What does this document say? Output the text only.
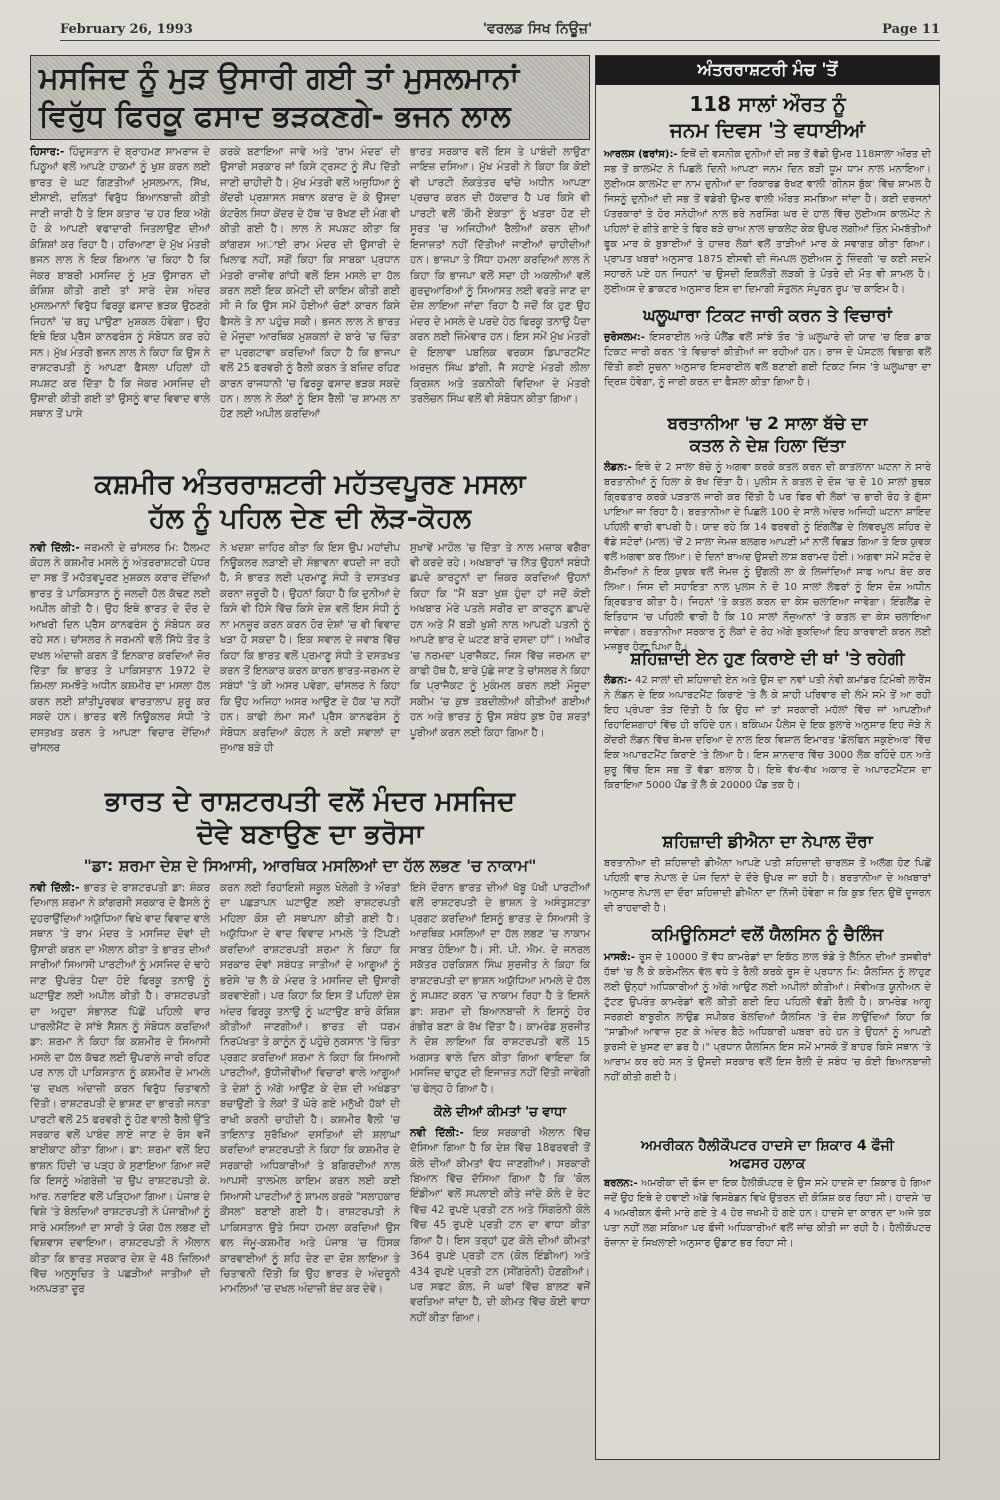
February 26, 1993	'ਵਰਲਡ ਸਿਖ ਨਿਊਜ਼'	Page 11
ਮਸਜਿਦ ਨੂੰ ਮੁੜ ਉਸਾਰੀ ਗਈ ਤਾਂ ਮੁਸਲਮਾਨਾਂ
ਵਿਰੁੱਧ ਫਿਰਕੂ ਫਸਾਦ ਭੜਕਣਗੇ- ਭਜਨ ਲਾਲ

ਹਿਸਾਰ:- ਹਿੰਦੁਸਤਾਨ ਦੇ ਬ੍ਰਾਹਮਣ ਸਾਮਰਾਜ ਦੇ ਪਿਠੂਆਂ ਵਲੋਂ ਆਪਣੇ ਹਾਕਮਾਂ ਨੂੰ ਖੁਸ਼ ਕਰਨ ਲਈ ਭਾਰਤ ਦੇ ਘਟ ਗਿਣਤੀਆਂ ਮੁਸਲਮਾਨ, ਸਿੱਖ, ਈਸਾਈ, ਦਲਿਤਾਂ ਵਿਰੁੱਧ ਬਿਆਨਬਾਜ਼ੀ ਕੀਤੀ ਜਾਣੀ ਜਾਰੀ ਹੈ ਤੇ ਇਸ ਕਤਾਰ 'ਚ ਹਰ ਇਕ ਅੱਗੇ ਹੋ ਕੇ ਆਪਣੀ ਵਫਾਦਾਰੀ ਜਿਤਲਾਉਣ ਦੀਆਂ ਕੋਸ਼ਿਸ਼ਾਂ ਕਰ ਰਿਹਾ ਹੈ। ਹਰਿਆਣਾ ਦੇ ਮੁੱਖ ਮੰਤਰੀ ਭਜਨ ਲਾਲ ਨੇ ਇਕ ਬਿਆਨ 'ਚ ਕਿਹਾ ਹੈ ਕਿ ਜੇਕਰ ਬਾਬਰੀ ਮਸਜਿਦ ਨੂੰ ਮੁੜ ਉਸਾਰਨ ਦੀ ਕੋਸ਼ਿਸ਼ ਕੀਤੀ ਗਈ ਤਾਂ ਸਾਰੇ ਦੇਸ਼ ਅੰਦਰ ਮੁਸਲਮਾਨਾਂ ਵਿਰੁੱਧ ਫਿਰਕੂ ਫਸਾਦ ਭੜਕ ਉਠਣਗੇ ਜਿਹਨਾਂ 'ਚ ਬਹੁ ਪਾਉਣਾ ਮੁਸ਼ਕਲ ਹੋਵੇਗਾ। ਉਹ ਇਥੇ ਇਕ ਪ੍ਰੈਸ ਕਾਨਫਰੰਸ ਨੂੰ ਸੰਬੋਧਨ ਕਰ ਰਹੇ ਸਨ। ਮੁੱਖ ਮੰਤਰੀ ਭਜਨ ਲਾਲ ਨੇ ਕਿਹਾ ਕਿ ਉਸ ਨੇ ਰਾਸ਼ਟਰਪਤੀ ਨੂੰ ਆਪਣਾ ਫੈਸਲਾ ਪਹਿਲਾਂ ਹੀ ਸਪਸ਼ਟ ਕਰ ਦਿੱਤਾ ਹੈ ਕਿ ਜੇਕਰ ਮਸਜਿਦ ਦੀ ਉਸਾਰੀ ਕੀਤੀ ਗਈ ਤਾਂ ਉਸਨੂੰ ਵਾਦ ਵਿਵਾਦ ਵਾਲੇ ਸਥਾਨ ਤੋਂ ਪਾਸੇ

ਕਰਕੇ ਬਣਾਇਆ ਜਾਵੇ ਅਤੇ 'ਰਾਮ ਮੰਦਰ' ਦੀ ਉਸਾਰੀ ਸਰਕਾਰ ਜਾਂ ਕਿਸੇ ਟ੍ਰਸਟ ਨੂੰ ਸੌਂਪ ਦਿੱਤੀ ਜਾਣੀ ਚਾਹੀਦੀ ਹੈ। ਮੁੱਖ ਮੰਤਰੀ ਵਲੋਂ ਅਜੁਧਿਆ ਨੂੰ ਕੇਂਦਰੀ ਪ੍ਰਸ਼ਾਸਨ ਸਥਾਨ ਕਰਾਰ ਦੇ ਕੇ ਉਸਦਾ ਕੰਟਰੋਲ ਸਿਧਾ ਕੇਂਦਰ ਦੇ ਹੱਥ 'ਚ ਰੱਖਣ ਦੀ ਮੰਗ ਵੀ ਕੀਤੀ ਗਈ ਹੈ। ਲਾਲ ਨੇ ਸਪਸ਼ਟ ਕੀਤਾ ਕਿ ਕਾਂਗਰਸ ਅਾਈ ਰਾਮ ਮੰਦਰ ਦੀ ਉਸਾਰੀ ਦੇ ਖਿਲਾਫ ਨਹੀਂ, ਸਗੋਂ ਕਿਹਾ ਕਿ ਸਾਬਕਾ ਪ੍ਰਧਾਨ ਮੰਤਰੀ ਰਾਜੀਵ ਗਾਂਧੀ ਵਲੋਂ ਇਸ ਮਸਲੇ ਦਾ ਹੱਲ ਕਰਨ ਲਈ ਇਕ ਕਮੇਟੀ ਦੀ ਕਾਇਮ ਕੀਤੀ ਗਈ ਸੀ ਜੋ ਕਿ ਉਸ ਸਮੇਂ ਹੋਈਆਂ ਚੋਣਾਂ ਕਾਰਨ ਕਿਸੇ ਫੈਸਲੇ ਤੇ ਨਾ ਪਹੁੰਚ ਸਕੀ। ਭਜਨ ਲਾਲ ਨੇ ਭਾਰਤ ਦੇ ਮੌਜੂਦਾ ਆਰਥਿਕ ਮੁਸ਼ਕਲਾਂ ਦੇ ਬਾਰੇ 'ਚ ਚਿੰਤਾ ਦਾ ਪ੍ਰਗਟਾਵਾ ਕਰਦਿਆਂ ਕਿਹਾ ਹੈ ਕਿ ਭਾਜਪਾ ਵਲੋਂ 25 ਫਰਵਰੀ ਨੂੰ ਰੈਲੀ ਕਰਨ ਤੇ ਬਜ਼ਿਦ ਰਹਿਣ ਕਾਰਨ ਰਾਜਧਾਨੀ 'ਚ ਫਿਰਕੂ ਫਸਾਦ ਭੜਕ ਸਕਦੇ ਹਨ। ਲਾਲ ਨੇ ਲੋਕਾਂ ਨੂੰ ਇਸ ਰੈਲੀ 'ਚ ਸ਼ਾਮਲ ਨਾ ਹੋਣ ਲਈ ਅਪੀਲ ਕਰਦਿਆਂ

ਭਾਰਤ ਸਰਕਾਰ ਵਲੋਂ ਇਸ ਤੇ ਪਾਬੰਦੀ ਲਾਉਣਾ ਜਾਇਜ਼ ਦਸਿਆ। ਮੁੱਖ ਮੰਤਰੀ ਨੇ ਕਿਹਾ ਕਿ ਕੋਈ ਵੀ ਪਾਰਟੀ ਲੋਕਤੰਤਰ ਢਾਂਚੇ ਅਧੀਨ ਆਪਣਾ ਪ੍ਰਚਾਰ ਕਰਨ ਦੀ ਹੱਕਦਾਰ ਹੈ ਪਰ ਕਿਸੇ ਵੀ ਪਾਰਟੀ ਵਲੋਂ 'ਕੌਮੀ ਏਕਤਾ' ਨੂੰ ਖਤਰਾ ਹੋਣ ਦੀ ਸੂਰਤ 'ਚ ਅਜਿਹੀਆਂ ਰੈਲੀਆਂ ਕਰਨ ਦੀਆਂ ਇਜਾਜ਼ਤਾਂ ਨਹੀਂ ਦਿੱਤੀਆਂ ਜਾਣੀਆਂ ਚਾਹੀਦੀਆਂ ਹਨ। ਭਾਜਪਾ ਤੇ ਸਿੱਧਾ ਹਮਲਾ ਕਰਦਿਆਂ ਲਾਲ ਨੇ ਕਿਹਾ ਕਿ ਭਾਜਪਾ ਵਲੋਂ ਸਦਾ ਹੀ ਅਕਲੀਆਂ ਵਲੋਂ ਗੁਰਦੁਆਰਿਆਂ ਨੂੰ ਸਿਆਸਤ ਲਈ ਵਰਤੇ ਜਾਣ ਦਾ ਦੋਸ਼ ਲਾਇਆ ਜਾਂਦਾ ਰਿਹਾ ਹੈ ਜਦੋਂ ਕਿ ਹੁਣ ਉਹ ਮੰਦਰ ਦੇ ਮਸਲੇ ਦੇ ਪਰਦੇ ਹੇਠ ਫਿਰਕੂ ਤਨਾਉ ਪੈਦਾ ਕਰਨ ਲਈ ਜ਼ਿੰਮੇਵਾਰ ਹਨ। ਇਸ ਸਮੇਂ ਮੁੱਖ ਮੰਤਰੀ ਦੇ ਇਲਾਵਾ ਪਬਲਿਕ ਵਰਕਸ ਡਿਪਾਰਟਮੈਂਟ ਅਰਜੁਨ ਸਿੰਘ ਡਾਂਗੀ, ਜੈ ਸਹਾਏ ਮੰਤਰੀ ਲੀਲਾ ਕ੍ਰਿਸ਼ਨ ਅਤੇ ਤਕਨੀਕੀ ਵਿਦਿਆ ਦੇ ਮੰਤਰੀ ਤਰਲੋਚਨ ਸਿੰਘ ਵਲੋਂ ਵੀ ਸੰਬੋਧਨ ਕੀਤਾ ਗਿਆ।

ਕਸ਼ਮੀਰ ਅੰਤਰਰਾਸ਼ਟਰੀ ਮਹੱਤਵਪੂਰਣ ਮਸਲਾ
ਹੱਲ ਨੂੰ ਪਹਿਲ ਦੇਣ ਦੀ ਲੋੜ-ਕੋਹਲ

ਨਵੀ ਦਿੱਲੀ:- ਜਰਮਨੀ ਦੇ ਚਾਂਸਲਰ ਮਿ: ਹੈਲਮਟ ਕੋਹਲ ਨੇ ਕਸ਼ਮੀਰ ਮਸਲੇ ਨੂੰ ਅੰਤਰਰਾਸ਼ਟਰੀ ਪੱਧਰ ਦਾ ਸਭ ਤੋਂ ਮਹੱਤਵਪੂਰਣ ਮੁਸ਼ਕਲ ਕਰਾਰ ਦੇਂਦਿਆਂ ਭਾਰਤ ਤੇ ਪਾਕਿਸਤਾਨ ਨੂੰ ਜਲਦੀ ਹੱਲ ਕੱਢਣ ਲਈ ਅਪੀਲ ਕੀਤੀ ਹੈ। ਉਹ ਇਥੇ ਭਾਰਤ ਦੇ ਦੌਰ ਦੇ ਆਖਰੀ ਦਿਨ ਪ੍ਰੈਸ ਕਾਨਫਰੰਸ ਨੂੰ ਸੰਬੋਧਨ ਕਰ ਰਹੇ ਸਨ। ਚਾਂਸਲਰ ਨੇ ਜਰਮਨੀ ਵਲੋਂ ਸਿੱਧੇ ਤੌਰ ਤੇ ਦਖਲ ਅੰਦਾਜ਼ੀ ਕਰਨ ਤੋਂ ਇਨਕਾਰ ਕਰਦਿਆਂ ਜ਼ੋਰ ਦਿੱਤਾ ਕਿ ਭਾਰਤ ਤੇ ਪਾਕਿਸਤਾਨ 1972 ਦੇ ਸ਼ਿਮਲਾ ਸਮਝੌਤੇ ਅਧੀਨ ਕਸ਼ਮੀਰ ਦਾ ਮਸਲਾ ਹੱਲ ਕਰਨ ਲਈ ਸ਼ਾਂਤੀਪੂਰਵਕ ਵਾਰਤਾਲਾਪ ਸ਼ੁਰੂ ਕਰ ਸਕਦੇ ਹਨ। ਭਾਰਤ ਵਲੋਂ ਨਿਊਕਲਰ ਸੰਧੀ 'ਤੇ ਦਸਤਖਤ ਕਰਨ ਤੇ ਆਪਣਾ ਵਿਚਾਰ ਦੇਂਦਿਆਂ ਚਾਂਸਲਰ

ਨੇ ਖਦਸ਼ਾ ਜ਼ਾਹਿਰ ਕੀਤਾ ਕਿ ਇਸ ਉਪ ਮਹਾਂਦੀਪ ਨਿਊਕਲਰ ਲੜਾਈ ਦੀ ਸੰਭਾਵਨਾ ਵਧਦੀ ਜਾ ਰਹੀ ਹੈ, ਸੋ ਭਾਰਤ ਲਈ ਪ੍ਰਮਾਣੂ ਸੰਧੀ ਤੇ ਦਸਤਖਤ ਕਰਨਾ ਜ਼ਰੂਰੀ ਹੈ। ਉਹਨਾਂ ਕਿਹਾ ਹੈ ਕਿ ਦੁਨੀਆਂ ਦੇ ਕਿਸੇ ਵੀ ਹਿੱਸੇ ਵਿੱਚ ਕਿਸੇ ਦੇਸ਼ ਵਲੋਂ ਇਸ ਸੰਧੀ ਨੂੰ ਨਾ ਮਨਜ਼ੂਰ ਕਰਨ ਕਰਨ ਹੋਰ ਦੇਸ਼ਾਂ 'ਚ ਵੀ ਵਿਵਾਦ ਖੜਾ ਹੋ ਸਕਦਾ ਹੈ। ਇਕ ਸਵਾਲ ਦੇ ਜਵਾਬ ਵਿੱਚ ਕਿਹਾ ਕਿ ਭਾਰਤ ਵਲੋਂ ਪ੍ਰਮਾਣੂ ਸੰਧੀ ਤੇ ਦਸਤਖਤ ਕਰਨ ਤੋਂ ਇਨਕਾਰ ਕਰਨ ਕਾਰਨ ਭਾਰਤ-ਜਰਮਨ ਦੇ ਸਬੰਧਾਂ 'ਤੇ ਕੀ ਅਸਰ ਪਵੇਗਾ, ਚਾਂਸਲਰ ਨੇ ਕਿਹਾ ਕਿ ਉਹ ਅਜਿਹਾ ਅਸਰ ਆਉਣ ਦੇ ਹੱਕ 'ਚ ਨਹੀਂ ਹਨ। ਕਾਫੀ ਲੰਮਾ ਸਮਾਂ ਪ੍ਰੈਸ ਕਾਨਫਰੰਸ ਨੂੰ ਸੰਬੋਧਨ ਕਰਦਿਆਂ ਕੋਹਲ ਨੇ ਕਈ ਸਵਾਲਾਂ ਦਾ ਜੁਆਬ ਬੜੇ ਹੀ

ਸੁਖਾਵੇਂ ਮਾਹੌਲ 'ਚ ਦਿੱਤਾ ਤੇ ਨਾਲ ਮਜ਼ਾਕ ਵਗੈਰਾ ਵੀ ਕਰਦੇ ਰਹੇ। ਅਖਬਾਰਾਂ 'ਚ ਨਿੱਤ ਉਹਨਾਂ ਸਬੰਧੀ ਛਪਦੇ ਕਾਰਟੂਨਾਂ ਦਾ ਜ਼ਿਕਰ ਕਰਦਿਆਂ ਉਹਨਾਂ ਕਿਹਾ ਕਿ "ਮੈਂ ਬੜਾ ਖੁਸ਼ ਹੁੰਦਾ ਹਾਂ ਜਦੋਂ ਕੋਈ ਅਖਬਾਰ ਮੇਰੇ ਪਤਲੇ ਸਰੀਰ ਦਾ ਕਾਰਟੂਨ ਛਾਪਦੇ ਹਨ ਅਤੇ ਮੈਂ ਬੜੀ ਖੁਸ਼ੀ ਨਾਲ ਆਪਣੀ ਪਤਨੀ ਨੂੰ ਆਪਣੇ ਭਾਰ ਦੇ ਘਟਣ ਬਾਰੇ ਦਸਦਾ ਹਾਂ"। ਅਖੀਰ 'ਚ ਨਰਮਦਾ ਪ੍ਰਾਜੈਕਟ, ਜਿਸ ਵਿੱਚ ਜਰਮਨ ਦਾ ਕਾਫੀ ਹੱਥ ਹੈ, ਬਾਰੇ ਪੁੱਛੇ ਜਾਣ ਤੇ ਚਾਂਸਲਰ ਨੇ ਕਿਹਾ ਕਿ ਪ੍ਰਾਜੈਕਟ ਨੂੰ ਮੁਕੰਮਲ ਕਰਨ ਲਈ ਮੌਜੂਦਾ ਸਕੀਮ 'ਚ ਕੁਝ ਤਬਦੀਲੀਆਂ ਕੀਤੀਆਂ ਗਈਆਂ ਹਨ ਅਤੇ ਭਾਰਤ ਨੂੰ ਉਸ ਸਬੰਧ ਕੁਝ ਹੋਰ ਸ਼ਰਤਾਂ ਪੂਰੀਆਂ ਕਰਨ ਲਈ ਕਿਹਾ ਗਿਆ ਹੈ।

ਭਾਰਤ ਦੇ ਰਾਸ਼ਟਰਪਤੀ ਵਲੋਂ ਮੰਦਰ ਮਸਜਿਦ
ਦੋਵੇ ਬਣਾਉਣ ਦਾ ਭਰੋਸਾ
"ਡਾ: ਸ਼ਰਮਾ ਦੇਸ਼ ਦੇ ਸਿਆਸੀ, ਆਰਥਿਕ ਮਸਲਿਆਂ ਦਾ ਹੱਲ ਲਭਣ 'ਚ ਨਾਕਾਮ"

ਨਵੀ ਦਿੱਲੀ:- ਭਾਰਤ ਦੇ ਰਾਸ਼ਟਰਪਤੀ ਡਾ: ਸ਼ੰਕਰ ਦਿਆਲ ਸ਼ਰਮਾ ਨੇ ਕਾਂਗਰਸੀ ਸਰਕਾਰ ਦੇ ਫੈਸਲੇ ਨੂੰ ਦੁਹਰਾਉਂਦਿਆਂ ਅਯੁੱਧਿਆ ਵਿਖੇ ਵਾਦ ਵਿਵਾਦ ਵਾਲੇ ਸਥਾਨ 'ਤੇ ਰਾਮ ਮੰਦਰ ਤੇ ਮਸਜਿਦ ਦੋਵਾਂ ਦੀ ਉਸਾਰੀ ਕਰਨ ਦਾ ਐਲਾਨ ਕੀਤਾ ਤੇ ਭਾਰਤ ਦੀਆਂ ਸਾਰੀਆਂ ਸਿਆਸੀ ਪਾਰਟੀਆਂ ਨੂੰ ਮਸਜਿਦ ਦੇ ਢਾਹੇ ਜਾਣ ਉਪਰੰਤ ਪੈਦਾ ਹੋਏ ਫਿਰਕੂ ਤਨਾਉ ਨੂੰ ਘਟਾਉਣ ਲਈ ਅਪੀਲ ਕੀਤੀ ਹੈ। ਰਾਸ਼ਟਰਪਤੀ ਦਾ ਅਹੁਦਾ ਸੰਭਾਲਣ ਪਿੱਛੋਂ ਪਹਿਲੀ ਵਾਰ ਪਾਰਲੀਮੈਂਟ ਦੇ ਸਾਂਝੇ ਸੈਸ਼ਨ ਨੂੰ ਸੰਬੋਧਨ ਕਰਦਿਆਂ ਡਾ: ਸ਼ਰਮਾ ਨੇ ਕਿਹਾ ਕਿ ਕਸ਼ਮੀਰ ਦੇ ਸਿਆਸੀ ਮਸਲੇ ਦਾ ਹੱਲ ਕੱਢਣ ਲਈ ਉਪਰਾਲੇ ਜਾਰੀ ਰਹਿਣ ਪਰ ਨਾਲ ਹੀ ਪਾਕਿਸਤਾਨ ਨੂੰ ਕਸ਼ਮੀਰ ਦੇ ਮਾਮਲੇ 'ਚ ਦਖਲ ਅੰਦਾਜ਼ੀ ਕਰਨ ਵਿਰੁੱਧ ਚਿਤਾਵਨੀ ਦਿੱਤੀ। ਰਾਸ਼ਟਰਪਤੀ ਦੇ ਭਾਸ਼ਣ ਦਾ ਭਾਰਤੀ ਜਨਤਾ ਪਾਰਟੀ ਵਲੋਂ 25 ਫਰਵਰੀ ਨੂੰ ਹੋਣ ਵਾਲੀ ਰੈਲੀ ਉੱਤੇ ਸਰਕਾਰ ਵਲੋਂ ਪਾਬੰਦ ਲਾਏ ਜਾਣ ਦੇ ਰੋਸ ਵਜੋਂ ਬਾਈਕਾਟ ਕੀਤਾ ਗਿਆ। ਡਾ: ਸ਼ਰਮਾ ਵਲੋਂ ਇਹ ਭਾਸ਼ਨ ਹਿੰਦੀ 'ਚ ਪੜ੍ਹ ਕੇ ਸੁਣਾਇਆ ਗਿਆ ਜਦੋਂ ਕਿ ਇਸਨੂੰ ਅੰਗਰੇਜ਼ੀ 'ਚ ਉਪ ਰਾਸ਼ਟਰਪਤੀ ਕੇ. ਆਰ. ਨਰਾਇਣ ਵਲੋਂ ਪੜ੍ਹਿਆ ਗਿਆ। ਪੰਜਾਬ ਦੇ ਵਿਸ਼ੇ 'ਤੇ ਬੋਲਦਿਆਂ ਰਾਸ਼ਟਰਪਤੀ ਨੇ ਪੰਜਾਬੀਆਂ ਨੂੰ ਸਾਰੇ ਮਸਲਿਆਂ ਦਾ ਸਾਰੀ ਤੇ ਯੋਗ ਹੱਲ ਲਭਣ ਦੀ ਵਿਸ਼ਵਾਸ ਦਵਾਇਆ। ਰਾਸ਼ਟਰਪਤੀ ਨੇ ਐਲਾਨ ਕੀਤਾ ਕਿ ਭਾਰਤ ਸਰਕਾਰ ਦੇਸ਼ ਦੇ 48 ਜ਼ਿਲਿਆਂ ਵਿੱਚ ਅਨੁਸੂਚਿਤ ਤੇ ਪਛੜੀਆਂ ਜਾਤੀਆਂ ਦੀ ਅਨਪੜਤਾ ਦੂਰ

ਕਰਨ ਲਈ ਰਿਹਾਇਸ਼ੀ ਸਕੂਲ ਖੋਲੇਗੀ ਤੇ ਔਰਤਾਂ ਦਾ ਪਛੜਾਪਨ ਘਟਾਉਣ ਲਈ ਰਾਸ਼ਟਰਪਤੀ ਮਹਿਲਾ ਕੋਸ਼ ਦੀ ਸਥਾਪਨਾ ਕੀਤੀ ਗਈ ਹੈ। ਅਯੁੱਧਿਆ ਦੇ ਵਾਦ ਵਿਵਾਦ ਮਾਮਲੇ 'ਤੇ ਟਿੱਪਣੀ ਕਰਦਿਆਂ ਰਾਸ਼ਟਰਪਤੀ ਸ਼ਰਮਾ ਨੇ ਕਿਹਾ ਕਿ ਸਰਕਾਰ ਦੋਵਾਂ ਸਬੰਧਤ ਜਾਤੀਆਂ ਦੇ ਆਗੂਆਂ ਨੂੰ ਭਰੋਸੇ 'ਚ ਲੈ ਕੇ ਮੰਦਰ ਤੇ ਮਸਜਿਦ ਦੀ ਉਸਾਰੀ ਕਰਵਾਏਗੀ। ਪਰ ਕਿਹਾ ਕਿ ਇਸ ਤੋਂ ਪਹਿਲਾਂ ਦੇਸ਼ ਅੰਦਰ ਫਿਰਕੂ ਤਨਾਉ ਨੂੰ ਘਟਾਉਣ ਬਾਰੇ ਕੋਸ਼ਿਸ਼ ਕੀਤੀਆਂ ਜਾਣਗੀਆਂ। ਭਾਰਤ ਦੀ ਧਰਮ ਨਿਰਪੱਖਤਾ ਤੇ ਕਾਨੂੰਨ ਨੂੰ ਪਹੁੰਚੇ ਨੁਕਸਾਨ 'ਤੇ ਚਿੰਤਾ ਪ੍ਰਗਟ ਕਰਦਿਆਂ ਸ਼ਰਮਾ ਨੇ ਕਿਹਾ ਕਿ ਸਿਆਸੀ ਪਾਰਟੀਆਂ, ਬੁੱਧੀਜੀਵੀਆਂ ਵਿਚਾਰਾਂ ਵਾਲੇ ਆਗੂਆਂ ਤੇ ਦੇਸ਼ਾਂ ਨੂੰ ਅੱਗੇ ਆਉਣ ਕੇ ਦੇਸ਼ ਦੀ ਅਖੰਡਤਾ ਬਚਾਉਣੀ ਤੇ ਲੋਕਾਂ ਤੋਂ ਘੋਰੇ ਗਏ ਮਨੁੱਖੀ ਹੱਕਾਂ ਦੀ ਰਾਖੀ ਕਰਨੀ ਚਾਹੀਦੀ ਹੈ। ਕਸ਼ਮੀਰ ਵੈਲੀ 'ਚ ਤਾਇਨਾਤ ਸੁਰੱਖਿਆ ਦਸਤਿਆਂ ਦੀ ਸ਼ਲਾਘਾ ਕਰਦਿਆਂ ਰਾਸ਼ਟਰਪਤੀ ਨੇ ਕਿਹਾ ਕਿ ਕਸ਼ਮੀਰ ਦੇ ਸਰਕਾਰੀ ਅਧਿਕਾਰੀਆਂ ਤੇ ਬਗਿਰਦੀਆਂ ਨਾਲ ਆਪਸੀ ਤਾਲਮੇਲ ਕਾਇਮ ਕਰਨ ਲਈ ਕਈ ਸਿਆਸੀ ਪਾਰਟੀਆਂ ਨੂੰ ਸ਼ਾਮਲ ਕਰਕੇ "ਸਲਾਹਕਾਰ ਕੌਂਸਲ" ਬਣਾਈ ਗਈ ਹੈ। ਰਾਸ਼ਟਰਪਤੀ ਨੇ ਪਾਕਿਸਤਾਨ ਉਤੇ ਸਿਧਾ ਹਮਲਾ ਕਰਦਿਆਂ ਉਸ ਵਲ ਜੰਮੂ-ਕਸ਼ਮੀਰ ਅਤੇ ਪੰਜਾਬ 'ਚ ਹਿੰਸਕ ਕਾਰਵਾਈਆਂ ਨੂੰ ਸ਼ਹਿ ਦੇਣ ਦਾ ਦੋਸ਼ ਲਾਇਆ ਤੇ ਚਿਤਾਵਨੀ ਦਿੱਤੀ ਕਿ ਉਹ ਭਾਰਤ ਦੇ ਅੰਦਰੂਨੀ ਮਾਮਲਿਆਂ 'ਚ ਦਖਲ ਅੰਦਾਜ਼ੀ ਬੰਦ ਕਰ ਦੇਵੇ।

ਇਸੇ ਦੌਰਾਨ ਭਾਰਤ ਦੀਆਂ ਖੱਬੂ ਪੱਖੀ ਪਾਰਟੀਆਂ ਵਲੋਂ ਰਾਸ਼ਟਰਪਤੀ ਦੇ ਭਾਸ਼ਨ ਤੇ ਅਸੰਤੁਸ਼ਟਤਾ ਪ੍ਰਗਟ ਕਰਦਿਆਂ ਇਸਨੂੰ ਭਾਰਤ ਦੇ ਸਿਆਸੀ ਤੇ ਆਰਥਿਕ ਮਸਲਿਆਂ ਦਾ ਹੱਲ ਲਭਣ 'ਚ ਨਾਕਾਮ ਸਾਬਤ ਹੋਇਆ ਹੈ। ਸੀ. ਪੀ. ਐਮ. ਦੇ ਜਨਰਲ ਸਕੱਤਰ ਹਰਕਿਸ਼ਨ ਸਿੰਘ ਸੁਰਜੀਤ ਨੇ ਕਿਹਾ ਕਿ ਰਾਸ਼ਟਰਪਤੀ ਦਾ ਭਾਸ਼ਨ ਅਯੁੱਧਿਆ ਮਾਮਲੇ ਦੇ ਹੱਲ ਨੂੰ ਸਪਸ਼ਟ ਕਰਨ 'ਚ ਨਾਕਾਮ ਰਿਹਾ ਹੈ ਤੇ ਇਸਨੇ ਡਾ: ਸ਼ਰਮਾ ਦੀ ਬਿਆਨਬਾਜ਼ੀ ਨੇ ਇਸਨੂੰ ਹੋਰ ਗੰਭੀਰ ਬਣਾ ਕੇ ਰੱਖ ਦਿੱਤਾ ਹੈ। ਕਾਮਰੇਡ ਸੁਰਜੀਤ ਨੇ ਦੋਸ਼ ਲਾਇਆ ਕਿ ਰਾਸ਼ਟਰਪਤੀ ਵਲੋਂ 15 ਅਗਸਤ ਵਾਲੇ ਦਿਨ ਕੀਤਾ ਗਿਆ ਵਾਇਦਾ ਕਿ ਮਸਜਿਦ ਢਾਹੁਣ ਦੀ ਇਜਾਜ਼ਤ ਨਹੀਂ ਦਿੱਤੀ ਜਾਵੇਗੀ 'ਚ ਫੇਲ੍ਹ ਹੋ ਗਿਆ ਹੈ।

ਕੋਲੇ ਦੀਆਂ ਕੀਮਤਾਂ 'ਚ ਵਾਧਾ

ਨਵੀ ਦਿੱਲੀ:- ਇਕ ਸਰਕਾਰੀ ਐਲਾਨ ਵਿੱਚ ਦੱਸਿਆ ਗਿਆ ਹੈ ਕਿ ਦੇਸ਼ ਵਿੱਚ 18ਫਰਵਰੀ ਤੋਂ ਕੋਲੇ ਦੀਆਂ ਕੀਮਤਾਂ ਵੱਧ ਜਾਣਗੀਆਂ। ਸਰਕਾਰੀ ਬਿਆਨ ਵਿੱਚ ਦੱਸਿਆ ਗਿਆ ਹੈ ਕਿ 'ਕੋਲ ਇੰਡੀਆ' ਵਲੋਂ ਸਪਲਾਈ ਕੀਤੇ ਜਾਂਦੇ ਕੋਲੇ ਦੇ ਰੇਟ ਵਿੱਚ 42 ਰੁਪਏ ਪ੍ਰਤੀ ਟਨ ਅਤੇ ਸਿੰਗਰੇਨੀ ਕੋਲੇ ਵਿੱਚ 45 ਰੁਪਏ ਪ੍ਰਤੀ ਟਨ ਦਾ ਵਾਧਾ ਕੀਤਾ ਗਿਆ ਹੈ। ਇਸ ਤਰ੍ਹਾਂ ਹੁਣ ਕੋਲੇ ਦੀਆਂ ਕੀਮਤਾਂ 364 ਰੁਪਏ ਪ੍ਰਤੀ ਟਨ (ਕੋਲ ਇੰਡੀਆ) ਅਤੇ 434 ਰੁਪਏ ਪ੍ਰਤੀ ਟਨ (ਸੀਂਗਰੇਨੀ) ਹੋਣਗੀਆਂ। ਪਰ ਸਫਟ ਕੋਲ, ਜੋ ਘਰਾਂ ਵਿੱਚ ਬਾਲਣ ਵਜੋਂ ਵਰਤਿਆ ਜਾਂਦਾ ਹੈ, ਦੀ ਕੀਮਤ ਵਿੱਚ ਕੋਈ ਵਾਧਾ ਨਹੀਂ ਕੀਤਾ ਗਿਆ।

ਅੰਤਰਰਾਸ਼ਟਰੀ ਮੰਚ 'ਤੋਂ
118 ਸਾਲਾਂ ਔਰਤ ਨੂੰ
ਜਨਮ ਦਿਵਸ 'ਤੇ ਵਧਾਈਆਂ
ਆਰਲਸ (ਫਰਾਂਸ):- ਇਥੋਂ ਦੀ ਵਸਨੀਕ ਦੁਨੀਆਂ ਦੀ ਸਭ ਤੋਂ ਵੱਡੀ ਉਮਰ 118ਸਾਲਾ ਔਰਤ ਦੀ ਸਭ ਤੋਂ ਕਾਲਮੇਂਟ ਨੇ ਪਿਛਲੇ ਦਿਨੀ ਆਪਣਾ ਜਨਮ ਦਿਨ ਬੜੀ ਧੂਮ ਧਾਮ ਨਾਲ ਮਨਾਇਆ। ਲੁਈਅਸ ਕਾਲਮੇਂਟ ਦਾ ਨਾਮ ਦੁਨੀਆਂ ਦਾ ਰਿਕਾਰਡ ਰੱਖਣ ਵਾਲੀ 'ਗੀਨਸ ਬੁੱਕ' ਵਿੱਚ ਸ਼ਾਮਲ ਹੈ ਜਿਸਨੂੰ ਦੁਨੀਆਂ ਦੀ ਸਭ ਤੋਂ ਵਡੇਰੀ ਉਮਰ ਵਾਲੀ ਔਰਤ ਸਮਝਿਆ ਜਾਂਦਾ ਹੈ। ਕਈ ਦਰਜਨਾਂ ਪੱਤਰਕਾਰਾਂ ਤੇ ਹੋਰ ਸਨੇਹੀਆਂ ਨਾਲ ਭਰੇ ਨਰਸਿੰਗ ਘਰ ਦੇ ਹਾਲ ਵਿੱਚ ਲੁਈਅਸ ਕਾਲਮੇਂਟ ਨੇ ਪਹਿਲਾਂ ਦੇ ਗੀਤੇ ਗਾਏ ਤੇ ਫਿਰ ਬੜੇ ਚਾਅ ਨਾਲ ਚਾਕਲੇਟ ਕੇਕ ਉਪਰ ਲਗੀਆਂ ਤਿੰਨ ਮੋਮਬੱਤੀਆਂ ਫੂਕ ਮਾਰ ਕੇ ਬੁਝਾਈਆਂ ਤੇ ਹਾਜ਼ਰ ਲੋਕਾਂ ਵਲੋਂ ਤਾੜੀਆਂ ਮਾਰ ਕੇ ਸਵਾਗਤ ਕੀਤਾ ਗਿਆ। ਪ੍ਰਾਪਤ ਖਬਰਾਂ ਅਨੁਸਾਰ 1875 ਈਸਵੀ ਦੀ ਜੰਮਪਲ ਲੁਈਅਸ ਨੂੰ ਜ਼ਿੰਦਗੀ 'ਚ ਕਈ ਸਦਮੇ ਸਹਾਰਨੇ ਪਏ ਹਨ ਜਿਹਨਾਂ 'ਚ ਉਸਦੀ ਇਕਲੌਤੀ ਲੜਕੀ ਤੇ ਪੋਤਰੇ ਦੀ ਮੌਤ ਵੀ ਸ਼ਾਮਲ ਹੈ। ਲੁਈਅਸ ਦੇ ਡਾਕਟਰ ਅਨੁਸਾਰ ਇਸ ਦਾ ਦਿਮਾਗੀ ਸੰਤੁਲਨ ਸੰਪੂਰਨ ਰੂਪ 'ਚ ਕਾਇਮ ਹੈ।
ਘਲੂਘਾਰਾ ਟਿਕਟ ਜਾਰੀ ਕਰਨ ਤੇ ਵਿਚਾਰਾਂ
ਜ਼ੁਰੋਸਲਮ:- ਇਸਰਾਈਲ ਅਤੇ ਪੋਲੈਂਡ ਵਲੋਂ ਸਾਂਝੇ ਤੌਰ 'ਤੇ ਘਲੂਘਾਰੇ ਦੀ ਯਾਦ 'ਚ ਇਕ ਡਾਕ ਟਿਕਟ ਜਾਰੀ ਕਰਨ 'ਤੇ ਵਿਚਾਰਾਂ ਕੀਤੀਆਂ ਜਾ ਰਹੀਆਂ ਹਨ। ਰਾਜ ਦੇ ਪੋਸਟਲ ਵਿਭਾਗ ਵਲੋਂ ਦਿੱਤੀ ਗਈ ਸੂਚਨਾ ਅਨੁਸਾਰ ਇਸਰਾਈਲ ਵਲੋਂ ਬਣਾਈ ਗਈ ਟਿਕਟ ਜਿਸ 'ਤੇ ਘਲੂਘਾਰਾ ਦਾ ਦ੍ਰਿਸ਼ ਹੋਵੇਗਾ, ਨੂੰ ਜਾਰੀ ਕਰਨ ਦਾ ਫੈਸਲਾ ਕੀਤਾ ਗਿਆ ਹੈ।
ਬਰਤਾਨੀਆ 'ਚ 2 ਸਾਲਾ ਬੱਚੇ ਦਾ
ਕਤਲ ਨੇ ਦੇਸ਼ ਹਿਲਾ ਦਿੱਤਾ
ਲੰਡਨ:- ਇਥੇ ਦੇ 2 ਸਾਲਾ ਬੱਚੇ ਨੂੰ ਅਗਵਾ ਕਰਕੇ ਕਤਲ ਕਰਨ ਦੀ ਕਾਤਲਾਨਾ ਘਟਨਾ ਨੇ ਸਾਰੇ ਬਰਤਾਨੀਆਂ ਨੂੰ ਹਿਲਾ ਕੇ ਰੱਖ ਦਿੱਤਾ ਹੈ। ਪੁਲੀਸ ਨੇ ਕਤਲ ਦੇ ਦੋਸ਼ 'ਚ ਦੋ 10 ਸਾਲਾਂ ਬੁਢਕ ਗ੍ਰਿਫਤਾਰ ਕਰਕੇ ਪੜਤਾਲ ਜਾਰੀ ਕਰ ਦਿੱਤੀ ਹੈ ਪਰ ਫਿਰ ਵੀ ਲੋਕਾਂ 'ਚ ਭਾਰੀ ਰੋਹ ਤੇ ਗੁੱਸਾ ਪਾਇਆ ਜਾ ਰਿਹਾ ਹੈ। ਬਰਤਾਨੀਆ ਦੇ ਪਿਛਲੇ 100 ਦੇ ਸਾਲੇ ਅੰਦਰ ਅਜਿਹੀ ਘਟਨਾ ਸ਼ਾਇਦ ਪਹਿਲੀ ਵਾਰੀ ਵਾਪਰੀ ਹੈ। ਯਾਦ ਰਹੇ ਕਿ 14 ਫਰਵਰੀ ਨੂੰ ਇੰਗਲੈਂਡ ਦੇ ਲਿਵਰਪੂਲ ਸ਼ਹਿਰ ਦੇ ਵੱਡੇ ਸਟੋਰਾਂ (ਮਾਲ) 'ਚੋਂ 2 ਸਾਲਾ ਜੇਮਜ਼ ਬਲਗਰ ਆਪਣੀ ਮਾਂ ਨਾਲੋਂ ਵਿਛੜ ਗਿਆ ਤੇ ਇਕ ਯੁਵਕ ਵਲੋਂ ਅਗਵਾ ਕਰ ਲਿਆ। ਦੋ ਦਿਨਾਂ ਬਾਅਦ ਉਸਦੀ ਲਾਸ਼ ਬਰਾਮਦ ਹੋਈ। ਅਗਵਾ ਸਮੇਂ ਸਟੋਰ ਦੇ ਕੈਮਰਿਆਂ ਨੇ ਇਕ ਯੁਵਕ ਵਲੋਂ ਜੇਮਜ਼ ਨੂੰ ਉਂਗਲੀ ਲਾ ਕੇ ਲਿਜਾਂਦਿਆਂ ਸਾਫ ਆਪ ਬੰਦ ਕਰ ਲਿਆ। ਜਿਸ ਦੀ ਸਹਾਇਤਾ ਨਾਲ ਪੁਲਸ ਨੇ ਦੋ 10 ਸਾਲਾਂ ਲੋਫਰਾਂ ਨੂੰ ਇਸ ਦੋਸ਼ ਅਧੀਨ ਗ੍ਰਿਫਤਾਰ ਕੀਤਾ ਹੈ। ਜਿਹਨਾਂ 'ਤੇ ਕਤਲ ਕਰਨ ਦਾ ਕੇਸ ਚਲਾਇਆ ਜਾਵੇਗਾ। ਇੰਗਲੈਂਡ ਦੇ ਇਤਿਹਾਸ 'ਚ ਪਹਿਲੀ ਵਾਰੀ ਹੈ ਕਿ 10 ਸਾਲਾਂ ਨੌਜੁਆਨਾਂ 'ਤੇ ਕਤਲ ਦਾ ਕੇਸ ਚਲਾਇਆ ਜਾਵੇਗਾ। ਬਰਤਾਨੀਆ ਸਰਕਾਰ ਨੂੰ ਲੋਕਾਂ ਦੇ ਰੋਹ ਅੱਗੇ ਝੁਕਦਿਆਂ ਇਹ ਕਾਰਵਾਈ ਕਰਨ ਲਈ ਮਜ਼ਬੂਰ ਹੋਣਾ ਪਿਆ ਹੈ।
ਸ਼ਹਿਜ਼ਾਦੀ ਏਨ ਹੁਣ ਕਿਰਾਏ ਦੀ ਥਾਂ 'ਤੇ ਰਹੇਗੀ
ਲੰਡਨ:- 42 ਸਾਲਾਂ ਦੀ ਸ਼ਹਿਜ਼ਾਦੀ ਏਨ ਅਤੇ ਉਸ ਦਾ ਨਵਾਂ ਪਤੀ ਨੇਵੀ ਕਮਾਂਡਰ ਟਿਮੋਥੀ ਲਾਰੈਂਸ ਨੇ ਲੰਡਨ ਦੇ ਇਕ ਅਪਾਰਟਮੈਂਟ ਕਿਰਾਏ 'ਤੇ ਲੈ ਕੇ ਸ਼ਾਹੀ ਪਰਿਵਾਰ ਦੀ ਲੰਮੇ ਸਮੇ ਤੋਂ ਆ ਰਹੀ ਇਹ ਪ੍ਰੰਪਰਾ ਤੋੜ ਦਿੱਤੀ ਹੈ ਕਿ ਉਹ ਜਾਂ ਤਾਂ ਸਰਕਾਰੀ ਮਹੱਲਾਂ ਵਿੱਚ ਜਾਂ ਆਪਣੀਆਂ ਰਿਹਾਇਸ਼ਗਾਹਾਂ ਵਿੱਚ ਹੀ ਰਹਿੰਦੇ ਹਨ। ਬਕਿੰਘਮ ਪੈਲੇਸ ਦੇ ਇਕ ਬੁਲਾਰੇ ਅਨੁਸਾਰ ਇਹ ਜੋੜੇ ਨੇ ਕੇਂਦਰੀ ਲੰਡਨ ਵਿੱਚ ਥੇਮਜ਼ ਦਰਿਆ ਦੇ ਨਾਲ ਇਕ ਵਿਸ਼ਾਲ ਇਮਾਰਤ 'ਡੋਲਫਿਨ ਸਕੁਏਅਰ' ਵਿੱਚ ਇਕ ਅਪਾਰਟਮੈਂਟ ਕਿਰਾਏ 'ਤੇ ਲਿਆ ਹੈ। ਇਸ ਸ਼ਾਨਦਾਰ ਵਿੱਚ 3000 ਲੋਕ ਰਹਿੰਦੇ ਹਨ ਅਤੇ ਸ਼ੁਰੂ ਵਿੱਚ ਇਸ ਸਭ ਤੋਂ ਵੱਡਾ ਬਲਾਕ ਹੈ। ਇਥੇ ਵੱਖ-ਵੱਖ ਅਕਾਰ ਦੇ ਅਪਾਰਟਮੈਂਟਸ ਦਾ ਕਿਰਾਇਆ 5000 ਪੌਂਡ ਤੋਂ ਲੈ ਕੇ 20000 ਪੌਂਡ ਤਕ ਹੈ।
ਸ਼ਹਿਜ਼ਾਦੀ ਡੀਐਨਾ ਦਾ ਨੇਪਾਲ ਦੌਰਾ
ਬਰਤਾਨੀਆ ਦੀ ਸ਼ਹਿਜ਼ਾਦੀ ਡੀਐਨਾ ਆਪਣੇ ਪਤੀ ਸ਼ਹਿਜ਼ਾਦੀ ਚਾਰਲਸ ਤੋਂ ਅਲੱਗ ਹੋਣ ਪਿਛੋਂ ਪਹਿਲੀ ਵਾਰ ਨੇਪਾਲ ਦੇ ਪੰਜ ਦਿਨਾਂ ਦੇ ਦੌਰੇ ਉਪਰ ਜਾ ਰਹੀ ਹੈ। ਬਰਤਾਨੀਆ ਦੇ ਅਖ਼ਬਾਰਾਂ ਅਨੁਸਾਰ ਨੇਪਾਲ ਦਾ ਦੌਰਾ ਸ਼ਹਿਜ਼ਾਦੀ ਡੀਐਨਾ ਦਾ ਨਿੱਜੀ ਹੋਵੇਗਾ ਜ ਕਿ ਕੁਝ ਦਿਨ ਉਥੋਂ ਦੂਜਰਨ ਦੀ ਰਾਹਦਾਰੀ ਹੈ।
ਕਮਿਊਨਿਸਟਾਂ ਵਲੋਂ ਯੈਲਸਿਨ ਨੂੰ ਚੈਲਿੰਜ
ਮਾਸਕੋ:- ਰੂਸ ਦੇ 10000 ਤੋਂ ਵੱਧ ਕਾਮਰੇਡਾਂ ਦਾ ਇਕੱਠ ਲਾਲ ਝੰਡੇ ਤੇ ਲੈਨਿਨ ਦੀਆਂ ਤਸਵੀਰਾਂ ਹੱਥਾਂ 'ਚ ਲੈ ਕੇ ਕਰੇਮਲਿਨ ਵੱਲ ਵਧੇ ਤੇ ਰੈਲੀ ਕਰਕੇ ਰੂਸ ਦੇ ਪ੍ਰਧਾਨ ਮਿ: ਯੈਲਸਿਨ ਨੂੰ ਲਾਹੁਣ ਲਈ ਉਨ੍ਹਾਂ ਅਧਿਕਾਰੀਆਂ ਨੂੰ ਅੱਗੇ ਆਉਣ ਲਈ ਅਪੀਲਾਂ ਕੀਤੀਆਂ। ਸੋਵੀਅਤ ਯੂਨੀਅਨ ਦੇ ਟੁੱਟਣ ਉਪਰੰਤ ਕਾਮਰੇਡਾਂ ਵਲੋਂ ਕੀਤੀ ਗਈ ਇਹ ਪਹਿਲੀ ਵੱਡੀ ਰੈਲੀ ਹੈ। ਕਾਮਰੇਡ ਆਗੂ ਸਰਗਈ ਬਾਬੂਰੀਨ ਲਾਉਡ ਸਪੀਕਰ ਬੋਲਦਿਆਂ ਯੈਲਸਿਨ 'ਤੇ ਦੋਸ਼ ਲਾਉਂਦਿਆਂ ਕਿਹਾ ਕਿ "ਸਾਡੀਆਂ ਆਵਾਜ਼ ਸੁਣ ਕੇ ਅੰਦਰ ਬੈਠੇ ਅਧਿਕਾਰੀ ਘਬਰਾ ਰਹੇ ਹਨ ਤੇ ਉਹਨਾਂ ਨੂੰ ਆਪਣੀ ਕੁਰਸੀ ਦੇ ਖੁਸਣ ਦਾ ਡਰ ਹੈ।" ਪ੍ਰਧਾਨ ਯੈਲਸਿਨ ਇਸ ਸਮੇਂ ਮਾਸਕੋ ਤੋਂ ਬਾਹਰ ਕਿਸੇ ਸਥਾਨ 'ਤੇ ਆਰਾਮ ਕਰ ਰਹੇ ਸਨ ਤੇ ਉਸਦੀ ਸਰਕਾਰ ਵਲੋਂ ਇਸ ਰੈਲੀ ਦੇ ਸਬੰਧ 'ਚ ਕੋਈ ਬਿਆਨਬਾਜ਼ੀ ਨਹੀਂ ਕੀਤੀ ਗਈ ਹੈ।
ਅਮਰੀਕਨ ਹੈਲੀਕੌਪਟਰ ਹਾਦਸੇ ਦਾ ਸ਼ਿਕਾਰ 4 ਫੌਜੀ
ਅਫਸਰ ਹਲਾਕ
ਬਰਲਨ:- ਅਮਰੀਕਾ ਦੀ ਫੌਜ ਦਾ ਇਕ ਹੈਲੀਕੌਪਟਰ ਦੇ ਉਸ ਸਮੇ ਹਾਦਸੇ ਦਾ ਸ਼ਿਕਾਰ ਹੋ ਗਿਆ ਜਦੋਂ ਉਹ ਇਥੇ ਦੇ ਹਵਾਈ ਅੱਡੇ ਵਿਸਬੇਡਨ ਵਿਖੇ ਉਤਰਨ ਦੀ ਕੋਸ਼ਿਸ਼ ਕਰ ਰਿਹਾ ਸੀ। ਹਾਦਸੇ 'ਚ 4 ਅਮਰੀਕਨ ਫੌਜੀ ਮਾਰੇ ਗਏ ਤੇ 4 ਹੋਰ ਜ਼ਖਮੀ ਹੋ ਗਏ ਹਨ। ਹਾਦਸੇ ਦਾ ਕਾਰਨ ਦਾ ਅਜੇ ਤਕ ਪਤਾ ਨਹੀਂ ਲਗ ਸਕਿਆ ਪਰ ਫੌਜੀ ਅਧਿਕਾਰੀਆਂ ਵਲੋਂ ਜਾਂਚ ਕੀਤੀ ਜਾ ਰਹੀ ਹੈ। ਹੈਲੀਕੌਪਟਰ ਰੋਜ਼ਾਨਾ ਦੇ ਸਿਖਲਾਈ ਅਨੁਸਾਰ ਉਡਾਣ ਭਰ ਰਿਹਾ ਸੀ।
